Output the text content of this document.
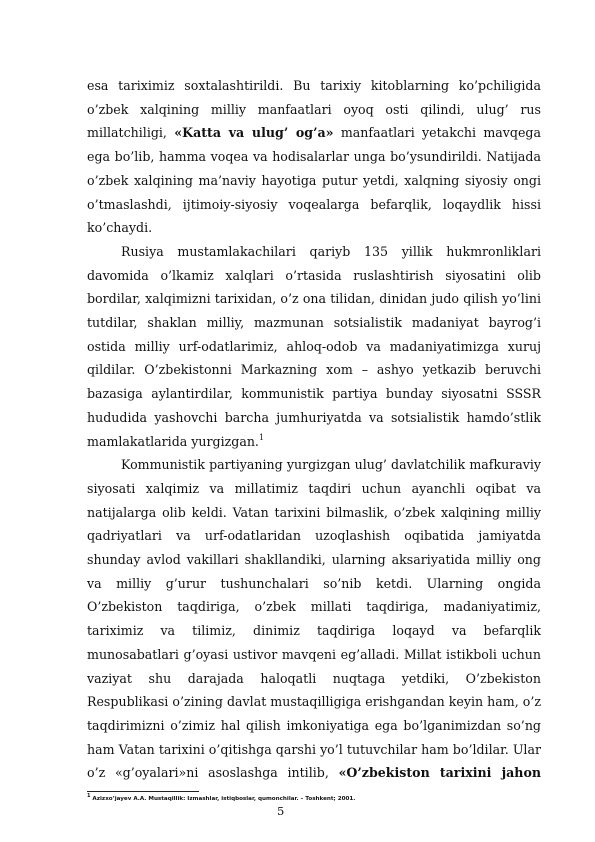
esa tariximiz soxtalashtirildi. Bu tarixiy kitoblarning ko’pchiligida o’zbek xalqining milliy manfaatlari oyoq osti qilindi, ulug’ rus millatchiligi, «Katta va ulug’ og’a» manfaatlari yetakchi mavqega ega bo’lib, hamma voqea va hodisalarlar unga bo’ysundirildi. Natijada o’zbek xalqining ma’naviy hayotiga putur yetdi, xalqning siyosiy ongi o’tmaslashdi, ijtimoiy-siyosiy voqealarga befarqlik, loqaydlik hissi ko’chaydi.

Rusiya mustamlakachilari qariyb 135 yillik hukmronliklari davomida o’lkamiz xalqlari o’rtasida ruslashtirish siyosatini olib bordilar, xalqimizni tarixidan, o’z ona tilidan, dinidan judo qilish yo’lini tutdilar, shaklan milliy, mazmunan sotsialistik madaniyat bayrog’i ostida milliy urf-odatlarimiz, ahloq-odob va madaniyatimizga xuruj qildilar. O’zbekistonni Markazning xom – ashyo yetkazib beruvchi bazasiga aylantirdilar, kommunistik partiya bunday siyosatni SSSR hududida yashovchi barcha jumhuriyatda va sotsialistik hamdo’stlik mamlakatlarida yurgizgan.$^1$

Kommunistik partiyaning yurgizgan ulug’ davlatchilik mafkuraviy siyosati xalqimiz va millatimiz taqdiri uchun ayanchli oqibat va natijalarga olib keldi. Vatan tarixini bilmaslik, o’zbek xalqining milliy qadriyatlari va urf-odatlaridan uzoqlashish oqibatida jamiyatda shunday avlod vakillari shakllandiki, ularning aksariyatida milliy ong va milliy g’urur tushunchalari so’nib ketdi. Ularning ongida O’zbekiston taqdiriga, o’zbek millati taqdiriga, madaniyatimiz, tariximiz va tilimiz, dinimiz taqdiriga loqayd va befarqlik munosabatlari g’oyasi ustivor mavqeni eg’alladi. Millat istikboli uchun vaziyat shu darajada haloqatli nuqtaga yetdiki, O’zbekiston Respublikasi o’zining davlat mustaqilligiga erishgandan keyin ham, o’z taqdirimizni o’zimiz hal qilish imkoniyatiga ega bo’lganimizdan so’ng ham Vatan tarixini o’qitishga qarshi yo’l tutuvchilar ham bo’ldilar. Ular o’z «g’oyalari»ni asoslashga intilib, «O’zbekiston tarixini jahon

$^1$ Azizxo’jayev A.A. Mustaqillik: Izmashlar, istiqboslar, qumonchilar. – Toshkent; 2001.
5
